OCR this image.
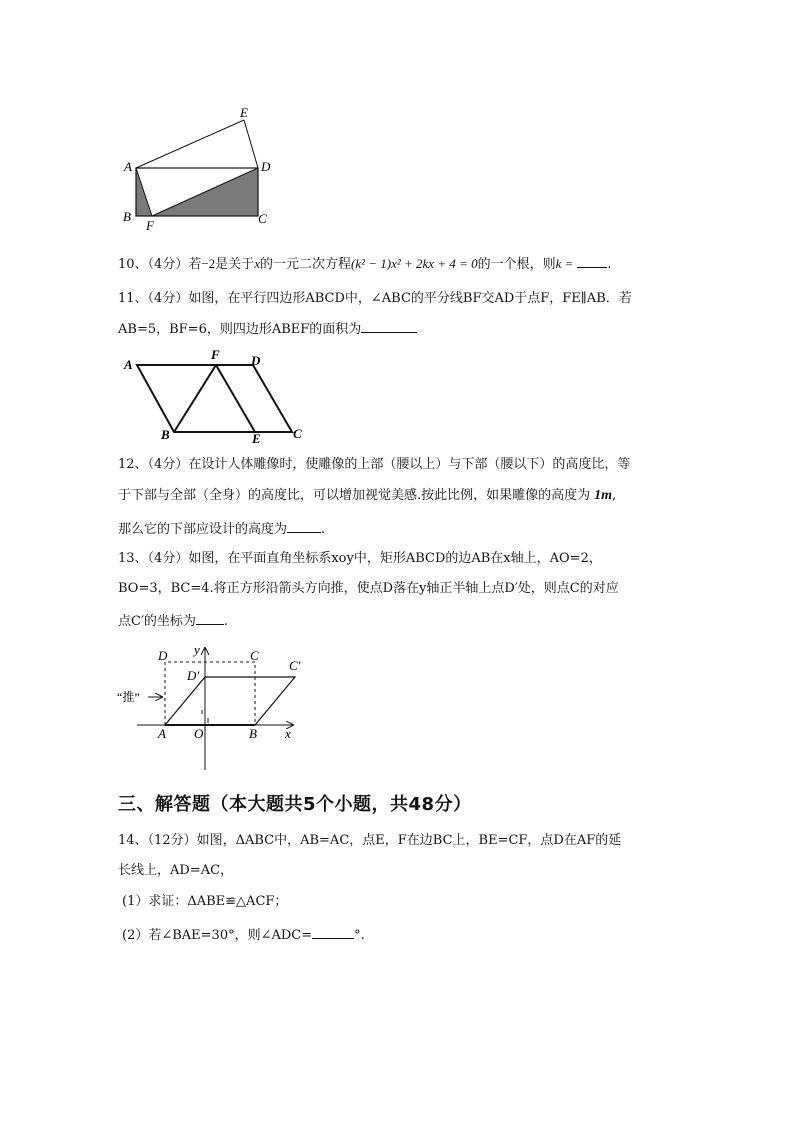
E
A	D
B	C
F
10、（4分）若−2是关于x的一元二次方程(k² − 1)x² + 2kx + 4 = 0的一个根，则k =	.
11、（4分）如图，在平行四边形ABCD中，∠ABC的平分线BF交AD于点F，FE∥AB．若
AB=5，BF=6，则四边形ABEF的面积为
A
F D
B	E C
12、（4分）在设计人体雕像时，使雕像的上部（腰以上）与下部（腰以下）的高度比，等
于下部与全部（全身）的高度比，可以增加视觉美感.按此比例，如果雕像的高度为 1m,
那么它的下部应设计的高度为	.
13、（4分）如图，在平面直角坐标系xoy中，矩形ABCD的边AB在x轴上，AO=2，
BO=3，BC=4.将正方形沿箭头方向推，使点D落在y轴正半轴上点D′处，则点C的对应
点C′的坐标为 .
y
D	C
C′
D′
“推”
A O	B x
三、解答题（本大题共5个小题，共48分）
14、（12分）如图，ΔABC中，AB=AC，点E，F在边BC上，BE=CF，点D在AF的延
长线上，AD=AC，
(1）求证：ΔABE≌△ACF；
(2）若∠BAE=30°，则∠ADC=	°.
